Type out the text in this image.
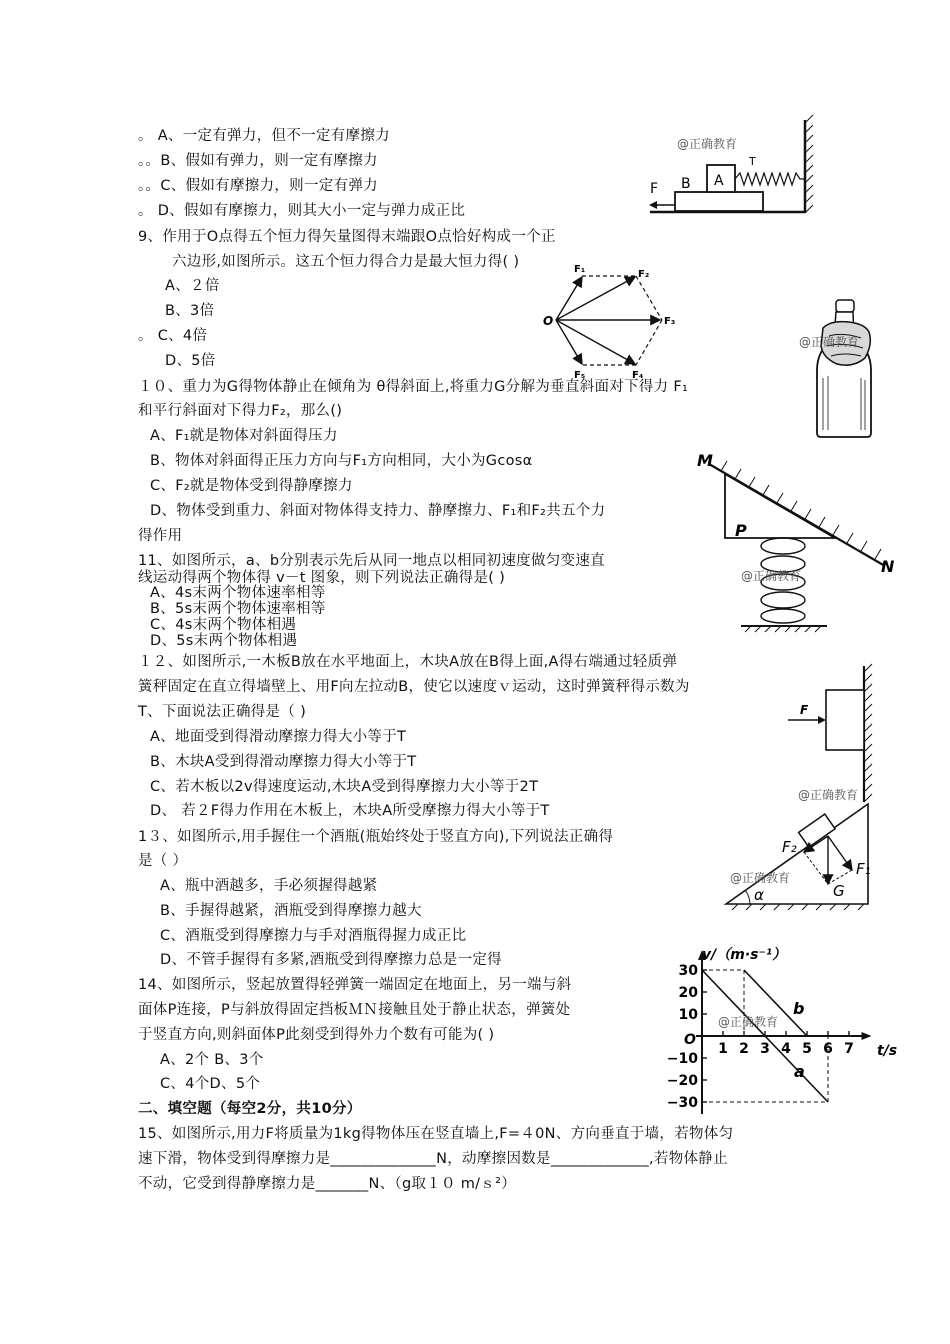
。 A、一定有弹力，但不一定有摩擦力
。。B、假如有弹力，则一定有摩擦力
。。C、假如有摩擦力，则一定有弹力
。 D、假如有摩擦力，则其大小一定与弹力成正比
9、作用于O点得五个恒力得矢量图得末端跟O点恰好构成一个正
六边形,如图所示。这五个恒力得合力是最大恒力得( )
A、２倍
B、3倍
。 C、4倍
D、5倍
１０、重力为G得物体静止在倾角为 θ得斜面上,将重力G分解为垂直斜面对下得力 F₁
和平行斜面对下得力F₂，那么()
A、F₁就是物体对斜面得压力
B、物体对斜面得正压力方向与F₁方向相同，大小为Gcosα
C、F₂就是物体受到得静摩擦力
D、物体受到重力、斜面对物体得支持力、静摩擦力、F₁和F₂共五个力
得作用
11、如图所示，a、b分别表示先后从同一地点以相同初速度做匀变速直
线运动得两个物体得 v－t 图象，则下列说法正确得是( )
A、4s末两个物体速率相等
B、5s末两个物体速率相等
C、4s末两个物体相遇
D、5s末两个物体相遇
１２、如图所示,一木板B放在水平地面上，木块A放在B得上面,A得右端通过轻质弹
簧秤固定在直立得墙壁上、用F向左拉动B，使它以速度ｖ运动，这时弹簧秤得示数为
T、下面说法正确得是（ )
A、地面受到得滑动摩擦力得大小等于T
B、木块A受到得滑动摩擦力得大小等于T
C、若木板以2v得速度运动,木块A受到得摩擦力大小等于2T
D、 若２F得力作用在木板上，木块A所受摩擦力得大小等于T
1３、如图所示,用手握住一个酒瓶(瓶始终处于竖直方向),下列说法正确得
是（ ）
A、瓶中酒越多，手必须握得越紧
B、手握得越紧，酒瓶受到得摩擦力越大
C、酒瓶受到得摩擦力与手对酒瓶得握力成正比
D、不管手握得有多紧,酒瓶受到得摩擦力总是一定得
14、如图所示，竖起放置得轻弹簧一端固定在地面上，另一端与斜
面体P连接，P与斜放得固定挡板ＭＮ接触且处于静止状态，弹簧处
于竖直方向,则斜面体P此刻受到得外力个数有可能为( )
A、2个 B、3个
C、4个D、5个
二、填空题（每空2分，共10分）
15、如图所示,用力F将质量为1kg得物体压在竖直墙上,F=４0N、方向垂直于墙，若物体匀
速下滑，物体受到得摩擦力是______________N，动摩擦因数是_____________,若物体静止
不动，它受到得静摩擦力是_______N、（g取１０ m/ｓ²）
F B A
T
@正确教育
O
F₁	F₂
F₃
F₄
F₅
@正确教育
M
N
P
@正确教育
F
@正确教育
F₂
F₁
G
α
@正确教育
30
20
10
−10
−20
−30
1 2 3 4 5 6 7
v/（m·s⁻¹）
t/s
O
a
b
@正确教育
